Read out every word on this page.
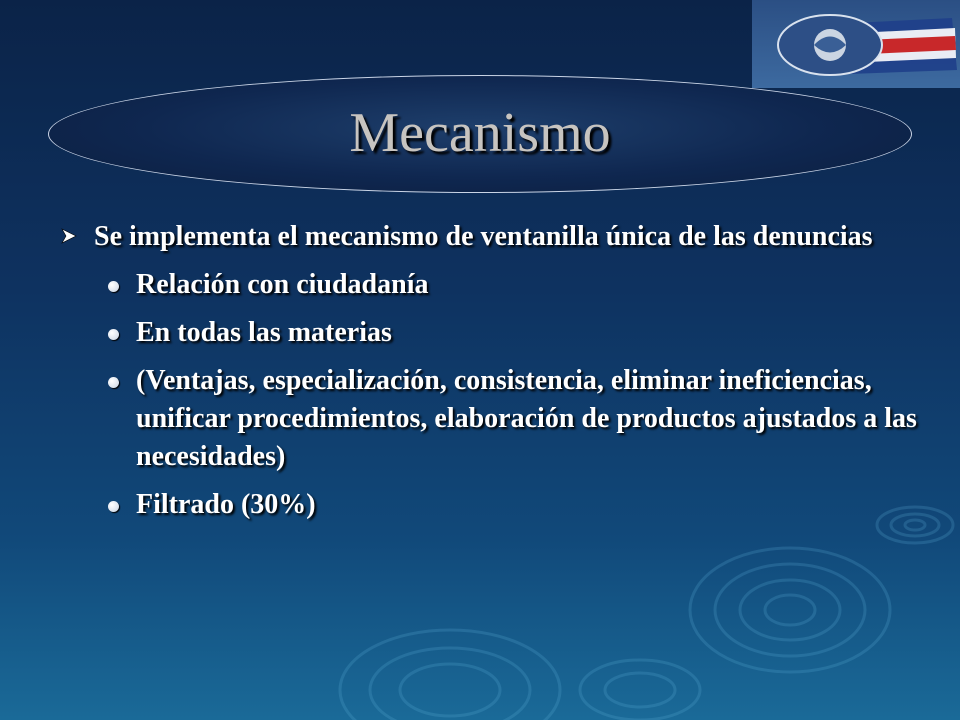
Mecanismo
Se implementa el mecanismo de ventanilla única de las denuncias
Relación con ciudadanía
En todas las materias
(Ventajas, especialización, consistencia, eliminar ineficiencias, unificar procedimientos, elaboración de productos ajustados a las necesidades)
Filtrado (30%)
